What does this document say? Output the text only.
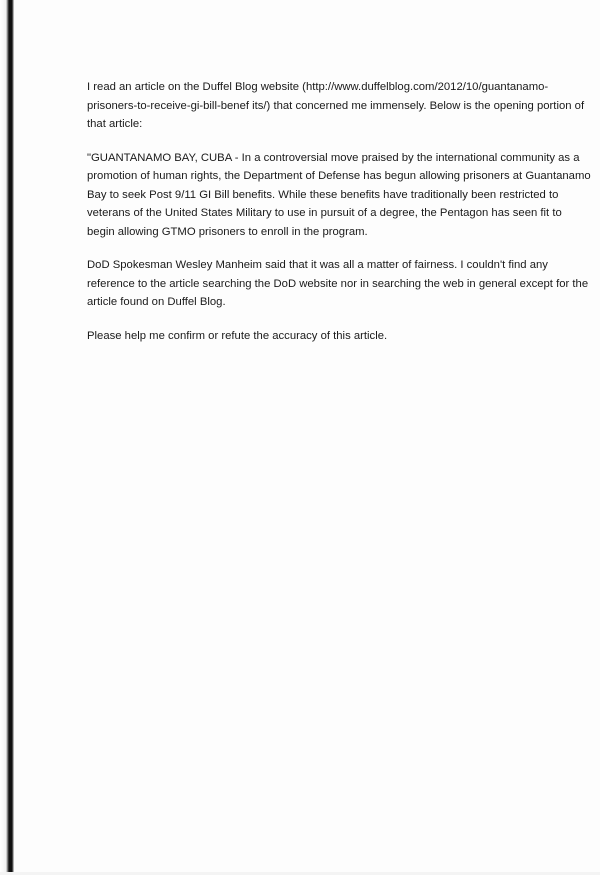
I read an article on the Duffel Blog website (http://www.duffelblog.com/2012/10/guantanamo-prisoners-to-receive-gi-bill-benef its/) that concerned me immensely. Below is the opening portion of that article:

"GUANTANAMO BAY, CUBA - In a controversial move praised by the international community as a promotion of human rights, the Department of Defense has begun allowing prisoners at Guantanamo Bay to seek Post 9/11 GI Bill benefits. While these benefits have traditionally been restricted to veterans of the United States Military to use in pursuit of a degree, the Pentagon has seen fit to begin allowing GTMO prisoners to enroll in the program.

DoD Spokesman Wesley Manheim said that it was all a matter of fairness. I couldn't find any reference to the article searching the DoD website nor in searching the web in general except for the article found on Duffel Blog.

Please help me confirm or refute the accuracy of this article.
